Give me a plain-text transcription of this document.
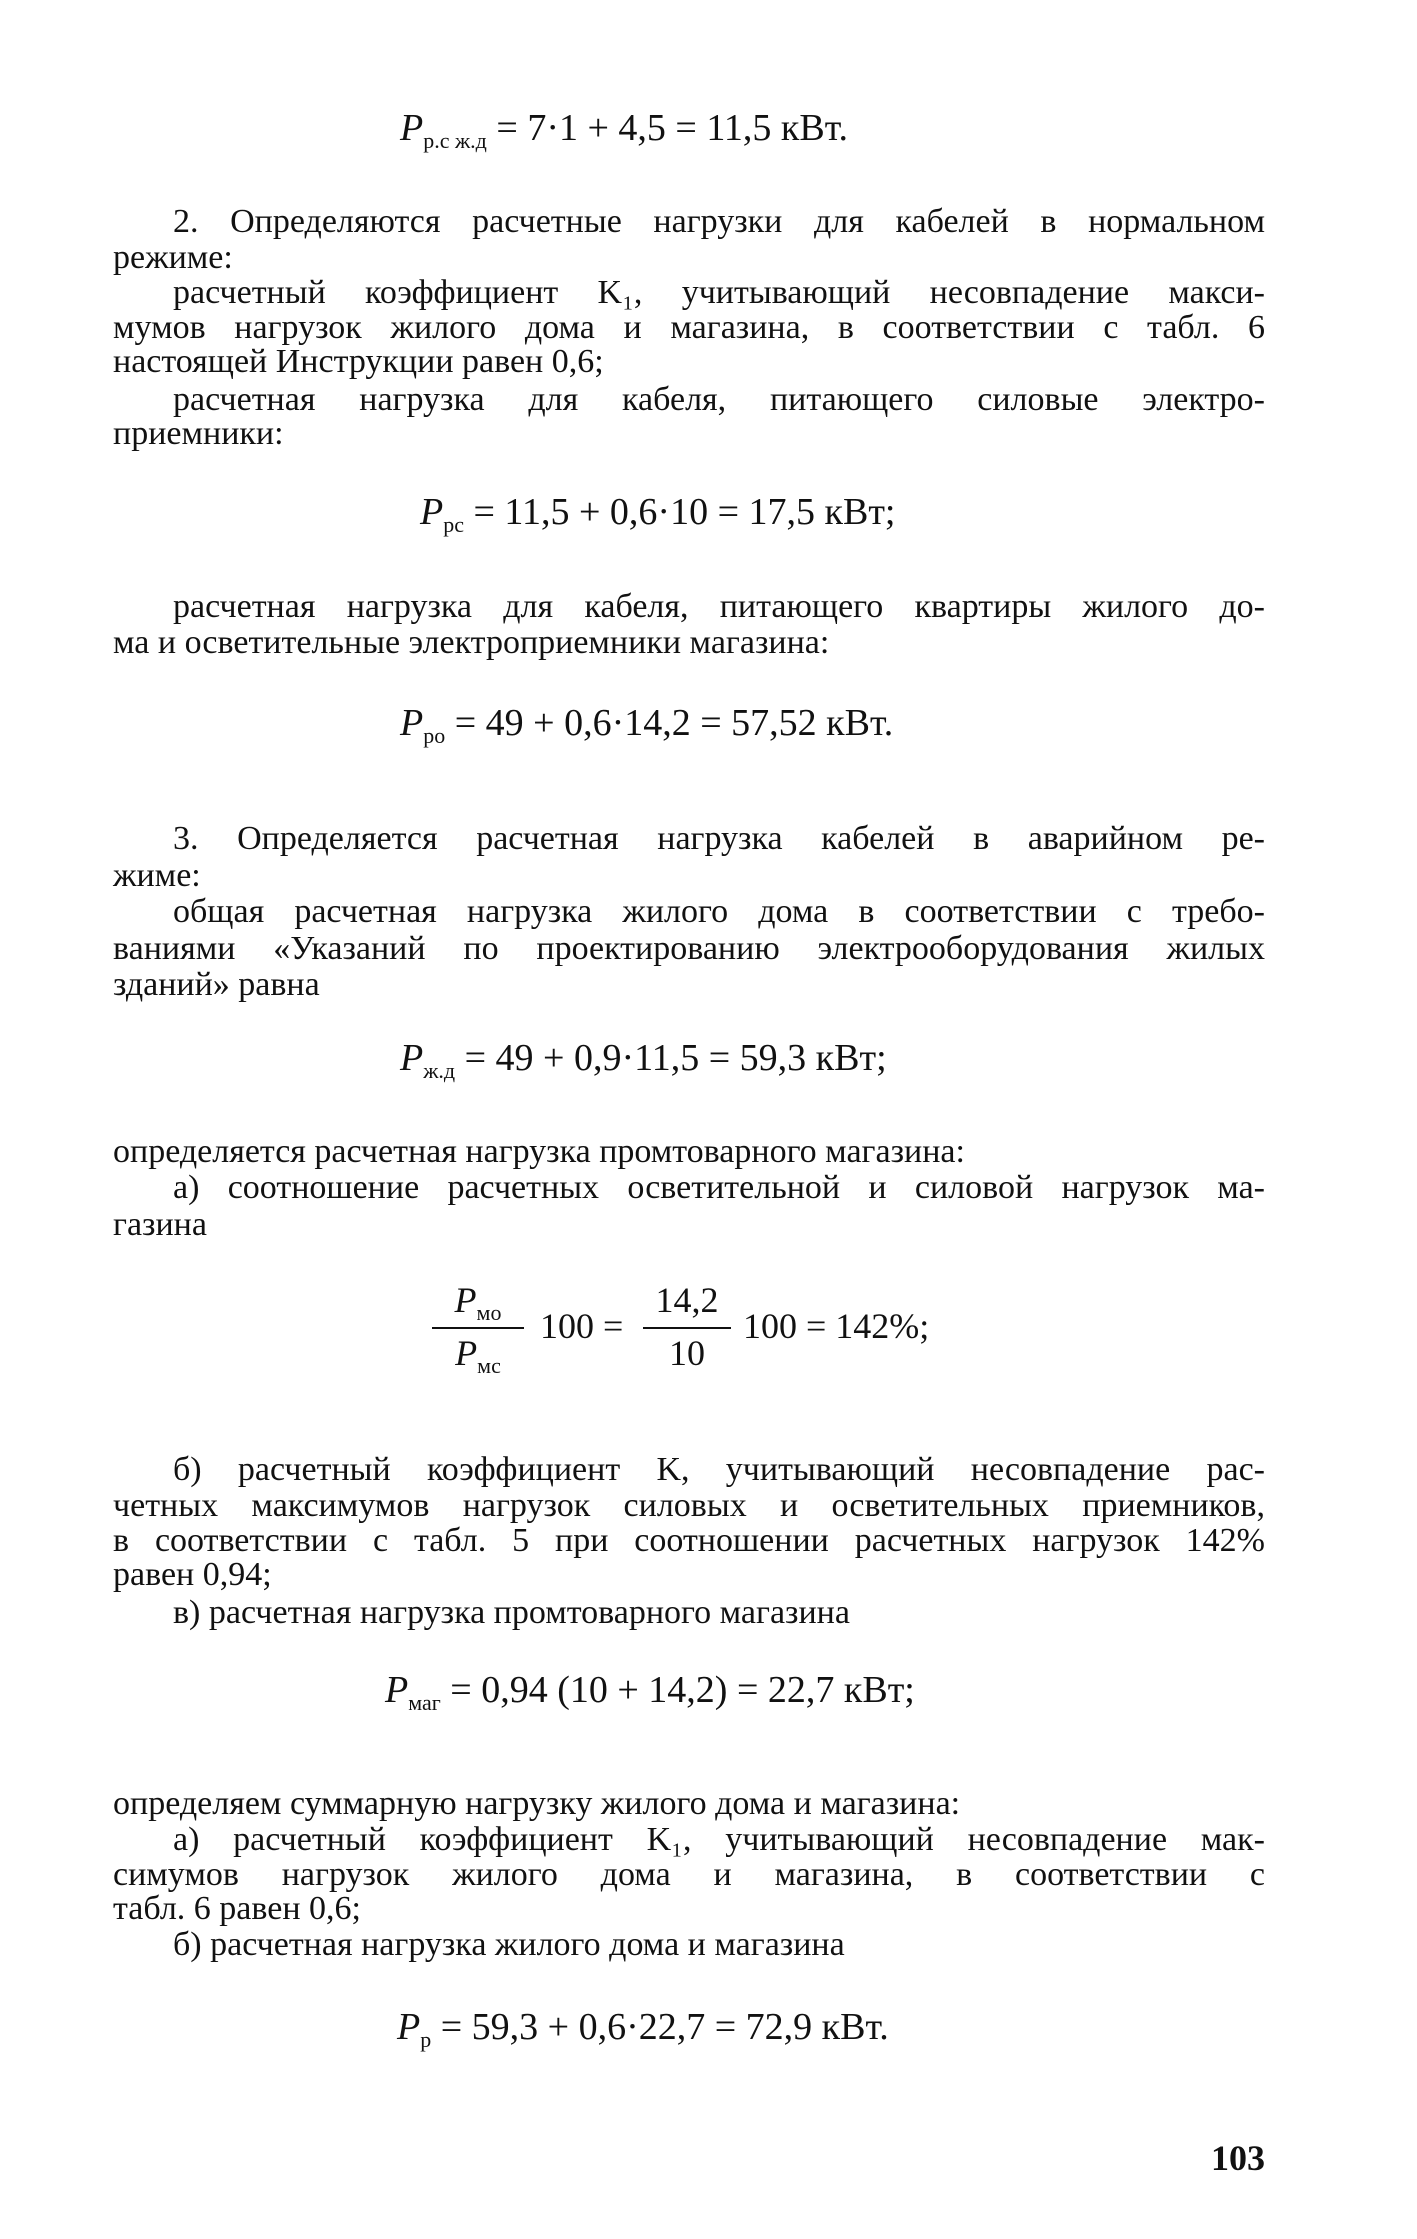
$P_{р.с ж.д} = 7\cdot 1 + 4,5 = 11,5$ кВт.
2. Определяются расчетные нагрузки для кабелей в нормальном
режиме:
расчетный коэффициент K₁, учитывающий несовпадение макси-
мумов нагрузок жилого дома и магазина, в соответствии с табл. 6
настоящей Инструкции равен 0,6;
расчетная нагрузка для кабеля, питающего силовые электро-
приемники:
$P_{рс} = 11,5 + 0,6\cdot 10 = 17,5$ кВт;
расчетная нагрузка для кабеля, питающего квартиры жилого до-
ма и осветительные электроприемники магазина:
$P_{ро} = 49 + 0,6\cdot 14,2 = 57,52$ кВт.
3. Определяется расчетная нагрузка кабелей в аварийном ре-
жиме:
общая расчетная нагрузка жилого дома в соответствии с требо-
ваниями «Указаний по проектированию электрооборудования жилых
зданий» равна
$P_{ж.д} = 49 + 0,9\cdot 11,5 = 59,3$ кВт;
определяется расчетная нагрузка промтоварного магазина:
а) соотношение расчетных осветительной и силовой нагрузок ма-
газина
$P_{мо}$
$P_{мс}$
100 =
14,2
10
100 = 142%;
б) расчетный коэффициент K, учитывающий несовпадение рас-
четных максимумов нагрузок силовых и осветительных приемников,
в соответствии с табл. 5 при соотношении расчетных нагрузок 142%
равен 0,94;
в) расчетная нагрузка промтоварного магазина
$P_{маг} = 0,94$ (10 + 14,2) = 22,7 кВт;
определяем суммарную нагрузку жилого дома и магазина:
а) расчетный коэффициент K₁, учитывающий несовпадение мак-
симумов нагрузок жилого дома и магазина, в соответствии с
табл. 6 равен 0,6;
б) расчетная нагрузка жилого дома и магазина
$P_р = 59,3 + 0,6\cdot 22,7 = 72,9$ кВт.
103
